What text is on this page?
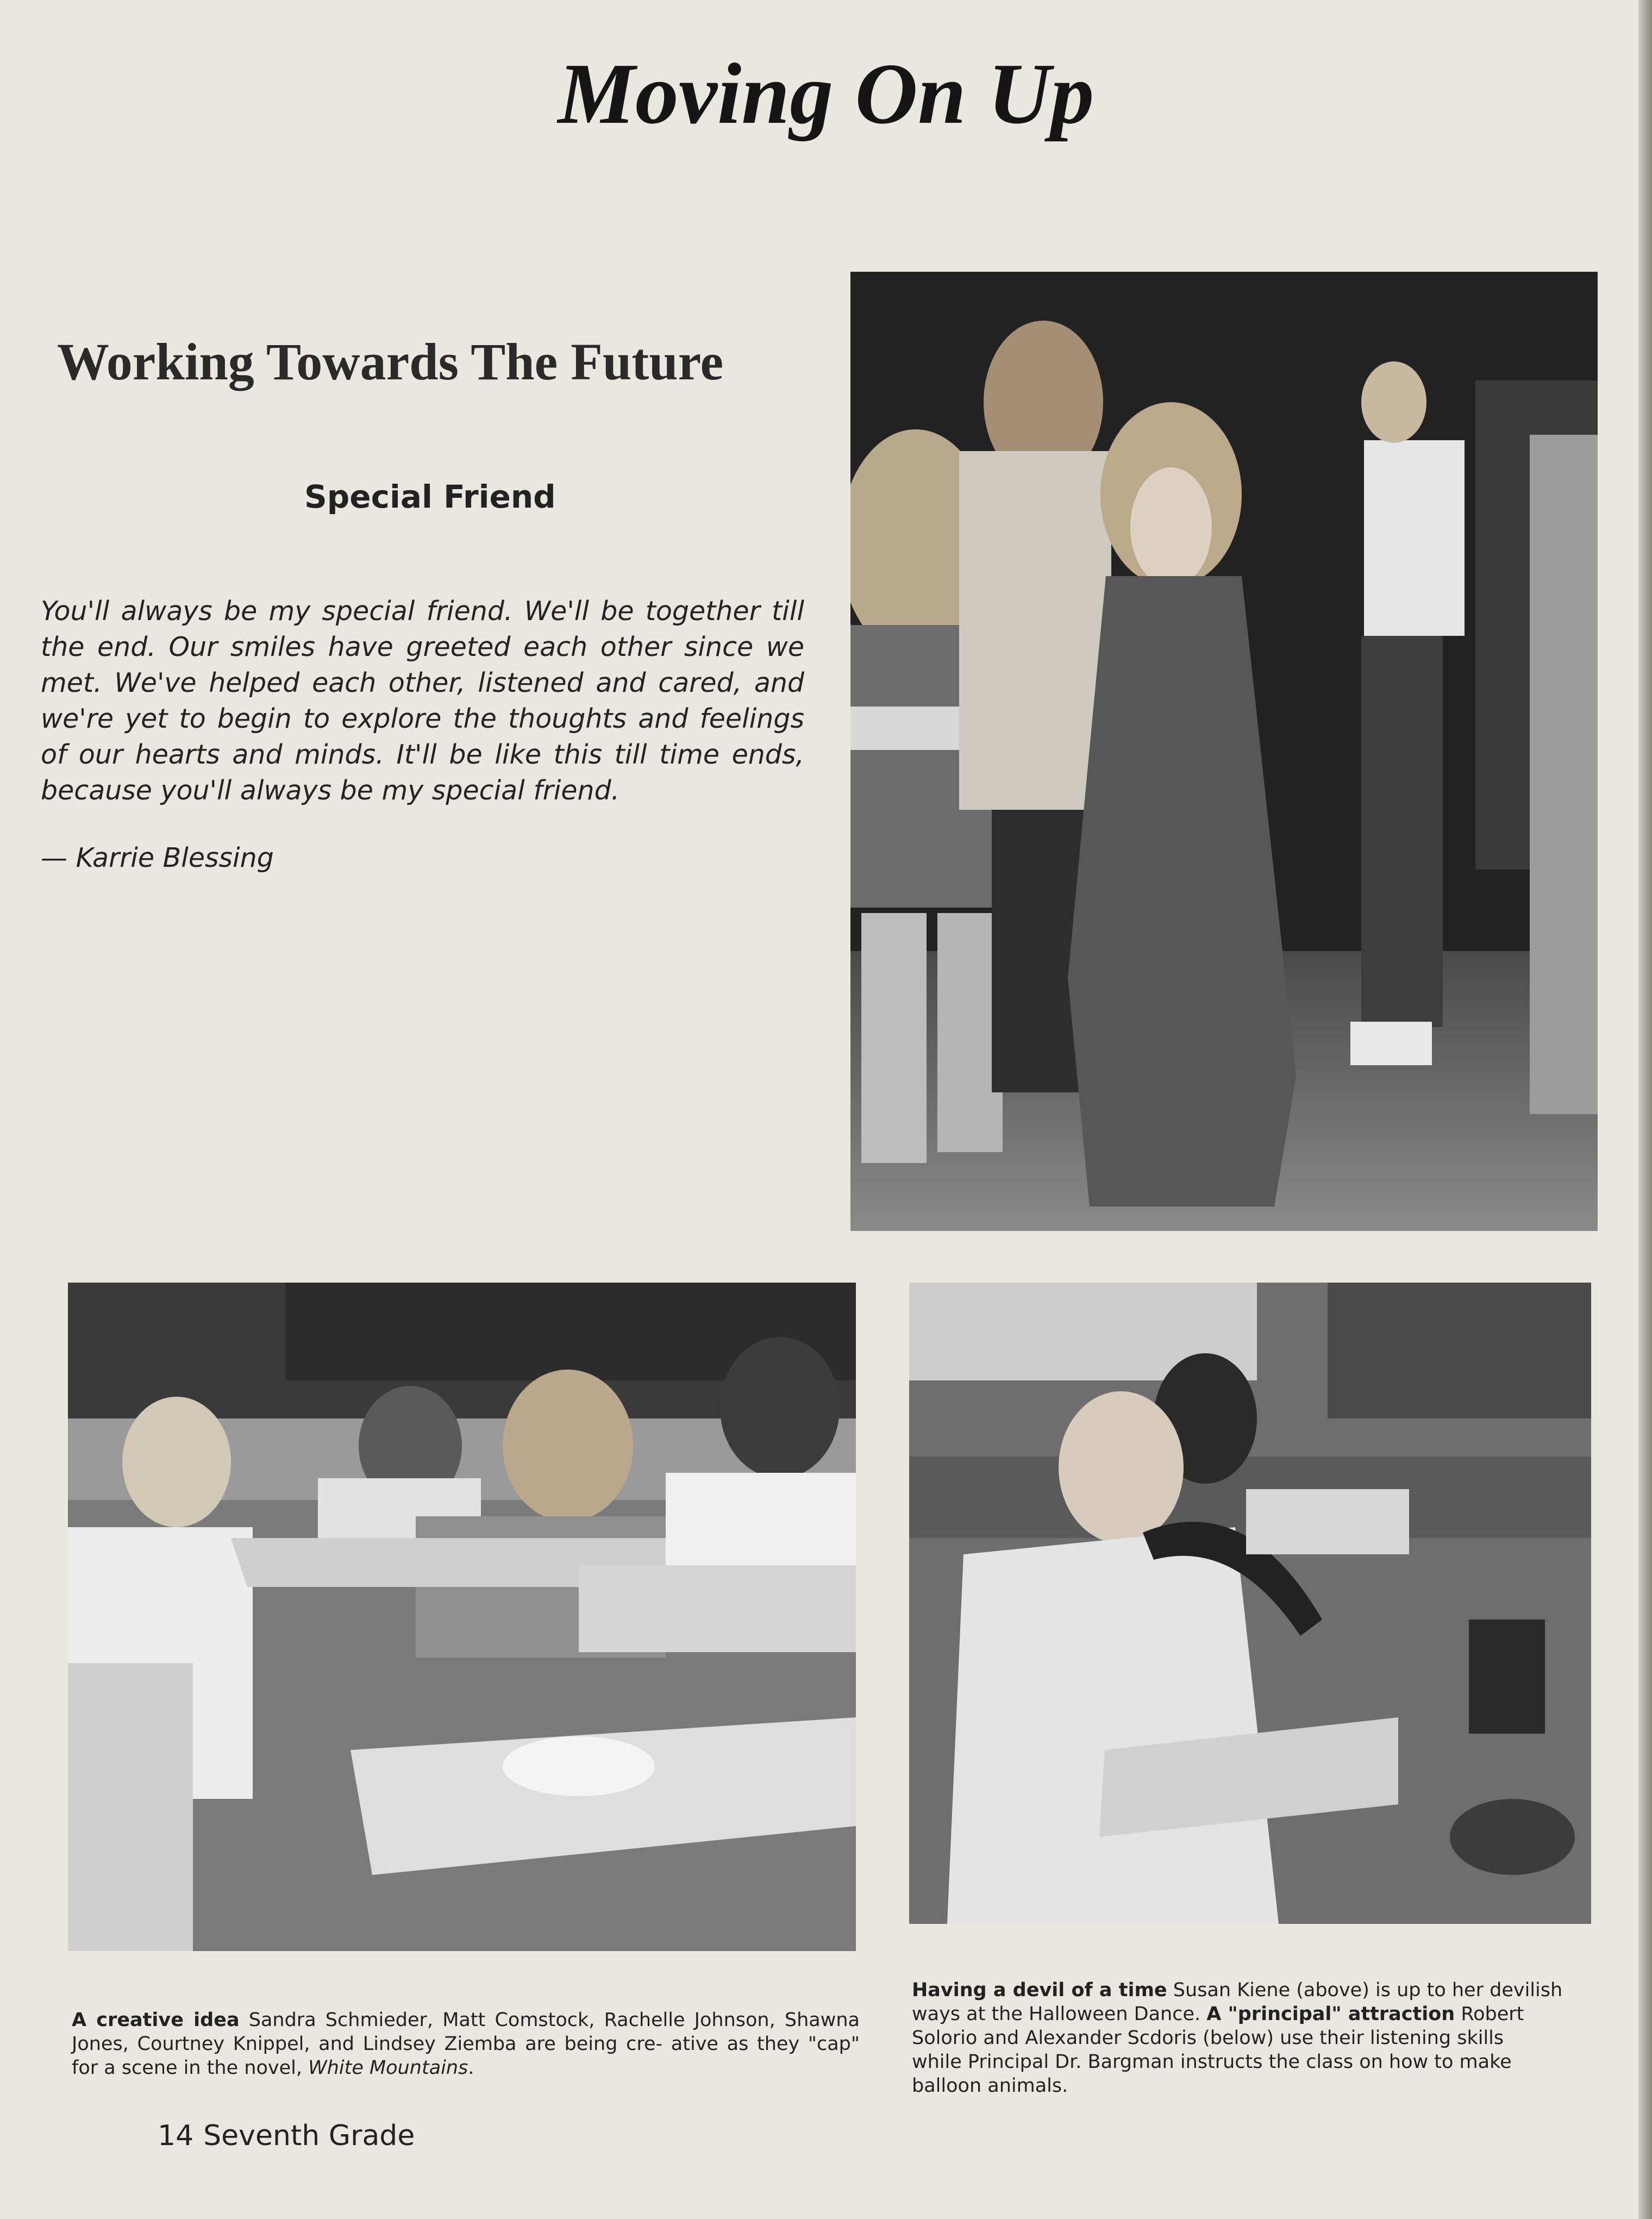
Moving On Up
Working Towards The Future
Special Friend

You'll always be my special friend. We'll be together till the end. Our smiles have greeted each other since we met. We've helped each other, listened and cared, and we're yet to begin to explore the thoughts and feelings of our hearts and minds. It'll be like this till time ends, because you'll always be my special friend.

— Karrie Blessing

A creative idea Sandra Schmieder, Matt Comstock, Rachelle Johnson, Shawna Jones, Courtney Knippel, and Lindsey Ziemba are being cre- ative as they "cap" for a scene in the novel, White Mountains.

Having a devil of a time Susan Kiene (above) is up to her devilish
ways at the Halloween Dance. A "principal" attraction Robert
Solorio and Alexander Scdoris (below) use their listening skills
while Principal Dr. Bargman instructs the class on how to make
balloon animals.

14 Seventh Grade
